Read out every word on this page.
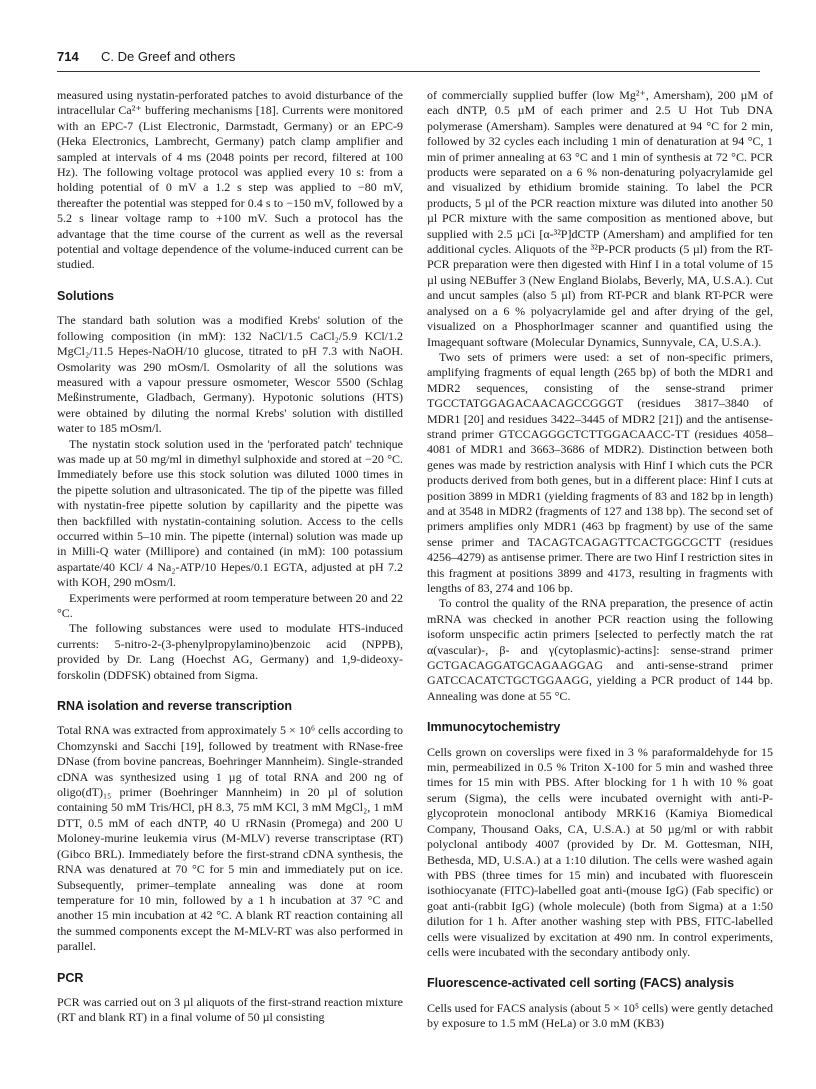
714 C. De Greef and others

measured using nystatin-perforated patches to avoid disturbance of the intracellular Ca²⁺ buffering mechanisms [18]. Currents were monitored with an EPC-7 (List Electronic, Darmstadt, Germany) or an EPC-9 (Heka Electronics, Lambrecht, Germany) patch clamp amplifier and sampled at intervals of 4 ms (2048 points per record, filtered at 100 Hz). The following voltage protocol was applied every 10 s: from a holding potential of 0 mV a 1.2 s step was applied to −80 mV, thereafter the potential was stepped for 0.4 s to −150 mV, followed by a 5.2 s linear voltage ramp to +100 mV. Such a protocol has the advantage that the time course of the current as well as the reversal potential and voltage dependence of the volume-induced current can be studied.

Solutions

The standard bath solution was a modified Krebs' solution of the following composition (in mM): 132 NaCl/1.5 CaCl₂/5.9 KCl/1.2 MgCl₂/11.5 Hepes-NaOH/10 glucose, titrated to pH 7.3 with NaOH. Osmolarity was 290 mOsm/l. Osmolarity of all the solutions was measured with a vapour pressure osmometer, Wescor 5500 (Schlag Meßinstrumente, Gladbach, Germany). Hypotonic solutions (HTS) were obtained by diluting the normal Krebs' solution with distilled water to 185 mOsm/l.

The nystatin stock solution used in the 'perforated patch' technique was made up at 50 mg/ml in dimethyl sulphoxide and stored at −20 °C. Immediately before use this stock solution was diluted 1000 times in the pipette solution and ultrasonicated. The tip of the pipette was filled with nystatin-free pipette solution by capillarity and the pipette was then backfilled with nystatin-containing solution. Access to the cells occurred within 5–10 min. The pipette (internal) solution was made up in Milli-Q water (Millipore) and contained (in mM): 100 potassium aspartate/40 KCl/ 4 Na₂-ATP/10 Hepes/0.1 EGTA, adjusted at pH 7.2 with KOH, 290 mOsm/l.

Experiments were performed at room temperature between 20 and 22 °C.

The following substances were used to modulate HTS-induced currents: 5-nitro-2-(3-phenylpropylamino)benzoic acid (NPPB), provided by Dr. Lang (Hoechst AG, Germany) and 1,9-dideoxy-forskolin (DDFSK) obtained from Sigma.

RNA isolation and reverse transcription

Total RNA was extracted from approximately 5 × 10⁶ cells according to Chomzynski and Sacchi [19], followed by treatment with RNase-free DNase (from bovine pancreas, Boehringer Mannheim). Single-stranded cDNA was synthesized using 1 µg of total RNA and 200 ng of oligo(dT)₁₅ primer (Boehringer Mannheim) in 20 µl of solution containing 50 mM Tris/HCl, pH 8.3, 75 mM KCl, 3 mM MgCl₂, 1 mM DTT, 0.5 mM of each dNTP, 40 U rRNasin (Promega) and 200 U Moloney-murine leukemia virus (M-MLV) reverse transcriptase (RT) (Gibco BRL). Immediately before the first-strand cDNA synthesis, the RNA was denatured at 70 °C for 5 min and immediately put on ice. Subsequently, primer–template annealing was done at room temperature for 10 min, followed by a 1 h incubation at 37 °C and another 15 min incubation at 42 °C. A blank RT reaction containing all the summed components except the M-MLV-RT was also performed in parallel.

PCR

PCR was carried out on 3 µl aliquots of the first-strand reaction mixture (RT and blank RT) in a final volume of 50 µl consisting

of commercially supplied buffer (low Mg²⁺, Amersham), 200 µM of each dNTP, 0.5 µM of each primer and 2.5 U Hot Tub DNA polymerase (Amersham). Samples were denatured at 94 °C for 2 min, followed by 32 cycles each including 1 min of denaturation at 94 °C, 1 min of primer annealing at 63 °C and 1 min of synthesis at 72 °C. PCR products were separated on a 6 % non-denaturing polyacrylamide gel and visualized by ethidium bromide staining. To label the PCR products, 5 µl of the PCR reaction mixture was diluted into another 50 µl PCR mixture with the same composition as mentioned above, but supplied with 2.5 µCi [α-³²P]dCTP (Amersham) and amplified for ten additional cycles. Aliquots of the ³²P-PCR products (5 µl) from the RT-PCR preparation were then digested with Hinf I in a total volume of 15 µl using NEBuffer 3 (New England Biolabs, Beverly, MA, U.S.A.). Cut and uncut samples (also 5 µl) from RT-PCR and blank RT-PCR were analysed on a 6 % polyacrylamide gel and after drying of the gel, visualized on a PhosphorImager scanner and quantified using the Imagequant software (Molecular Dynamics, Sunnyvale, CA, U.S.A.).

Two sets of primers were used: a set of non-specific primers, amplifying fragments of equal length (265 bp) of both the MDR1 and MDR2 sequences, consisting of the sense-strand primer TGCCTATGGAGACAACAGCCGGGT (residues 3817–3840 of MDR1 [20] and residues 3422–3445 of MDR2 [21]) and the antisense-strand primer GTCCAGGGCTCTTGGACAACC-TT (residues 4058–4081 of MDR1 and 3663–3686 of MDR2). Distinction between both genes was made by restriction analysis with Hinf I which cuts the PCR products derived from both genes, but in a different place: Hinf I cuts at position 3899 in MDR1 (yielding fragments of 83 and 182 bp in length) and at 3548 in MDR2 (fragments of 127 and 138 bp). The second set of primers amplifies only MDR1 (463 bp fragment) by use of the same sense primer and TACAGTCAGAGTTCACTGGCGCTT (residues 4256–4279) as antisense primer. There are two Hinf I restriction sites in this fragment at positions 3899 and 4173, resulting in fragments with lengths of 83, 274 and 106 bp.

To control the quality of the RNA preparation, the presence of actin mRNA was checked in another PCR reaction using the following isoform unspecific actin primers [selected to perfectly match the rat α(vascular)-, β- and γ(cytoplasmic)-actins]: sense-strand primer GCTGACAGGATGCAGAAGGAG and anti-sense-strand primer GATCCACATCTGCTGGAAGG, yielding a PCR product of 144 bp. Annealing was done at 55 °C.

Immunocytochemistry

Cells grown on coverslips were fixed in 3 % paraformaldehyde for 15 min, permeabilized in 0.5 % Triton X-100 for 5 min and washed three times for 15 min with PBS. After blocking for 1 h with 10 % goat serum (Sigma), the cells were incubated overnight with anti-P-glycoprotein monoclonal antibody MRK16 (Kamiya Biomedical Company, Thousand Oaks, CA, U.S.A.) at 50 µg/ml or with rabbit polyclonal antibody 4007 (provided by Dr. M. Gottesman, NIH, Bethesda, MD, U.S.A.) at a 1:10 dilution. The cells were washed again with PBS (three times for 15 min) and incubated with fluorescein isothiocyanate (FITC)-labelled goat anti-(mouse IgG) (Fab specific) or goat anti-(rabbit IgG) (whole molecule) (both from Sigma) at a 1:50 dilution for 1 h. After another washing step with PBS, FITC-labelled cells were visualized by excitation at 490 nm. In control experiments, cells were incubated with the secondary antibody only.

Fluorescence-activated cell sorting (FACS) analysis

Cells used for FACS analysis (about 5 × 10⁵ cells) were gently detached by exposure to 1.5 mM (HeLa) or 3.0 mM (KB3)
